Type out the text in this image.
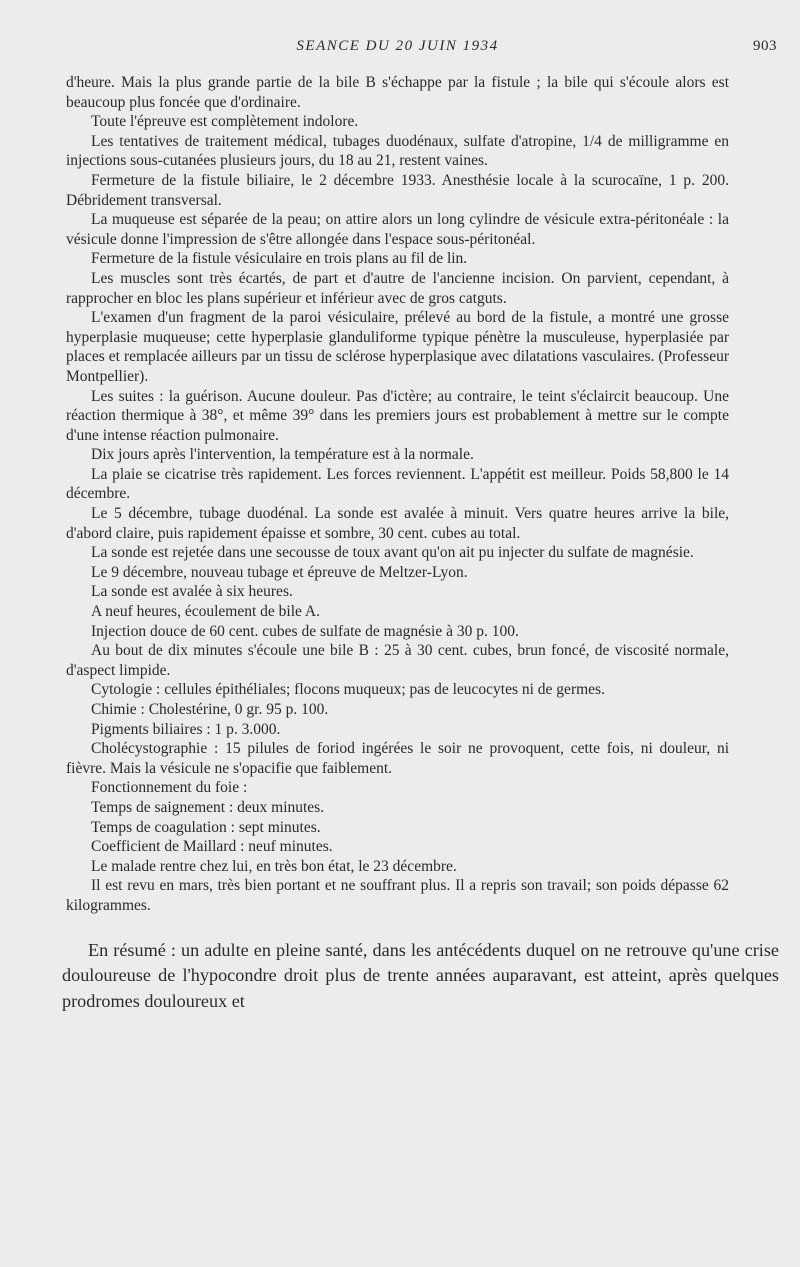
SEANCE DU 20 JUIN 1934	903

d'heure. Mais la plus grande partie de la bile B s'échappe par la fistule ; la bile qui s'écoule alors est beaucoup plus foncée que d'ordinaire.

Toute l'épreuve est complètement indolore.

Les tentatives de traitement médical, tubages duodénaux, sulfate d'atropine, 1/4 de milligramme en injections sous-cutanées plusieurs jours, du 18 au 21, restent vaines.

Fermeture de la fistule biliaire, le 2 décembre 1933. Anesthésie locale à la scurocaïne, 1 p. 200. Débridement transversal.

La muqueuse est séparée de la peau; on attire alors un long cylindre de vésicule extra-péritonéale : la vésicule donne l'impression de s'être allongée dans l'espace sous-péritonéal.

Fermeture de la fistule vésiculaire en trois plans au fil de lin.

Les muscles sont très écartés, de part et d'autre de l'ancienne incision. On parvient, cependant, à rapprocher en bloc les plans supérieur et inférieur avec de gros catguts.

L'examen d'un fragment de la paroi vésiculaire, prélevé au bord de la fistule, a montré une grosse hyperplasie muqueuse; cette hyperplasie glanduliforme typique pénètre la musculeuse, hyperplasiée par places et remplacée ailleurs par un tissu de sclérose hyperplasique avec dilatations vasculaires. (Professeur Montpellier).

Les suites : la guérison. Aucune douleur. Pas d'ictère; au contraire, le teint s'éclaircit beaucoup. Une réaction thermique à 38°, et même 39° dans les premiers jours est probablement à mettre sur le compte d'une intense réaction pulmonaire.

Dix jours après l'intervention, la température est à la normale.

La plaie se cicatrise très rapidement. Les forces reviennent. L'appétit est meilleur. Poids 58,800 le 14 décembre.

Le 5 décembre, tubage duodénal. La sonde est avalée à minuit. Vers quatre heures arrive la bile, d'abord claire, puis rapidement épaisse et sombre, 30 cent. cubes au total.

La sonde est rejetée dans une secousse de toux avant qu'on ait pu injecter du sulfate de magnésie.

Le 9 décembre, nouveau tubage et épreuve de Meltzer-Lyon.

La sonde est avalée à six heures.

A neuf heures, écoulement de bile A.

Injection douce de 60 cent. cubes de sulfate de magnésie à 30 p. 100.

Au bout de dix minutes s'écoule une bile B : 25 à 30 cent. cubes, brun foncé, de viscosité normale, d'aspect limpide.

Cytologie : cellules épithéliales; flocons muqueux; pas de leucocytes ni de germes.

Chimie : Cholestérine, 0 gr. 95 p. 100.

Pigments biliaires : 1 p. 3.000.

Cholécystographie : 15 pilules de foriod ingérées le soir ne provoquent, cette fois, ni douleur, ni fièvre. Mais la vésicule ne s'opacifie que faiblement.

Fonctionnement du foie :

Temps de saignement : deux minutes.

Temps de coagulation : sept minutes.

Coefficient de Maillard : neuf minutes.

Le malade rentre chez lui, en très bon état, le 23 décembre.

Il est revu en mars, très bien portant et ne souffrant plus. Il a repris son travail; son poids dépasse 62 kilogrammes.

En résumé : un adulte en pleine santé, dans les antécédents duquel on ne retrouve qu'une crise douloureuse de l'hypocondre droit plus de trente années auparavant, est atteint, après quelques prodromes douloureux et
